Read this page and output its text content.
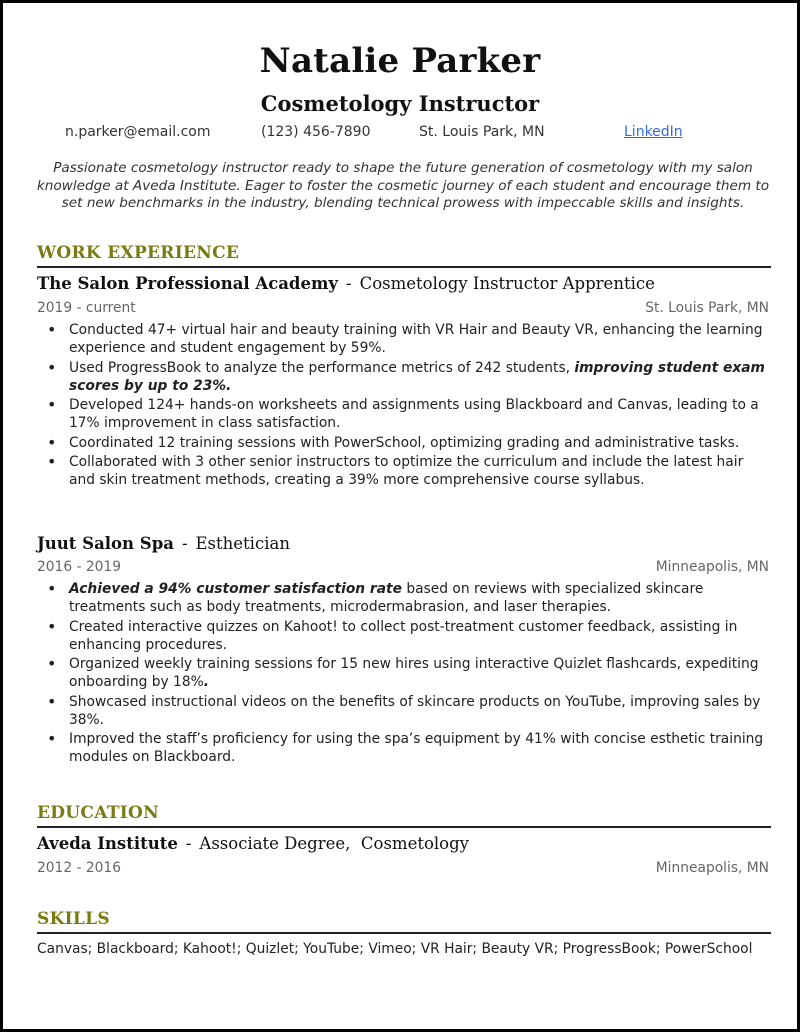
Natalie Parker
Cosmetology Instructor
n.parker@email.com	(123) 456-7890	St. Louis Park, MN	LinkedIn
Passionate cosmetology instructor ready to shape the future generation of cosmetology with my salon knowledge at Aveda Institute. Eager to foster the cosmetic journey of each student and encourage them to set new benchmarks in the industry, blending technical prowess with impeccable skills and insights.
WORK EXPERIENCE
The Salon Professional Academy - Cosmetology Instructor Apprentice
2019 - current	St. Louis Park, MN
• Conducted 47+ virtual hair and beauty training with VR Hair and Beauty VR, enhancing the learning experience and student engagement by 59%.
• Used ProgressBook to analyze the performance metrics of 242 students, improving student exam scores by up to 23%.
• Developed 124+ hands-on worksheets and assignments using Blackboard and Canvas, leading to a 17% improvement in class satisfaction.
• Coordinated 12 training sessions with PowerSchool, optimizing grading and administrative tasks.
• Collaborated with 3 other senior instructors to optimize the curriculum and include the latest hair and skin treatment methods, creating a 39% more comprehensive course syllabus.
Juut Salon Spa - Esthetician
2016 - 2019	Minneapolis, MN
• Achieved a 94% customer satisfaction rate based on reviews with specialized skincare treatments such as body treatments, microdermabrasion, and laser therapies.
• Created interactive quizzes on Kahoot! to collect post-treatment customer feedback, assisting in enhancing procedures.
• Organized weekly training sessions for 15 new hires using interactive Quizlet flashcards, expediting onboarding by 18%.
• Showcased instructional videos on the benefits of skincare products on YouTube, improving sales by 38%.
• Improved the staff’s proficiency for using the spa’s equipment by 41% with concise esthetic training modules on Blackboard.
EDUCATION
Aveda Institute - Associate Degree,  Cosmetology
2012 - 2016	Minneapolis, MN
SKILLS
Canvas; Blackboard; Kahoot!; Quizlet; YouTube; Vimeo; VR Hair; Beauty VR; ProgressBook; PowerSchool
